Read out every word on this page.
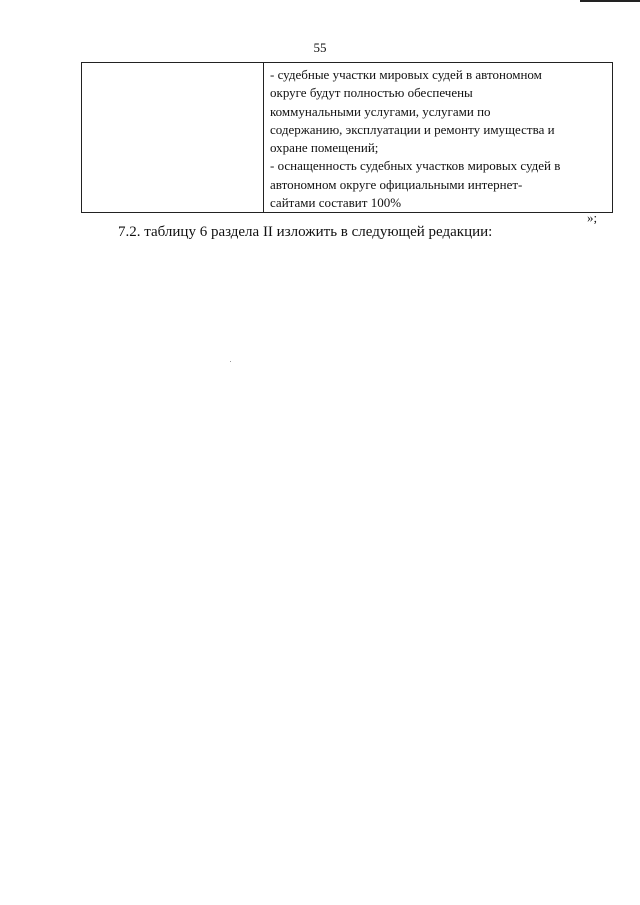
55

- судебные участки мировых судей в автономном
округе будут полностью обеспечены
коммунальными услугами, услугами по
содержанию, эксплуатации и ремонту имущества и
охране помещений;
- оснащенность судебных участков мировых судей в
автономном округе официальными интернет-
сайтами составит 100%
»;
7.2. таблицу 6 раздела II изложить в следующей редакции:
